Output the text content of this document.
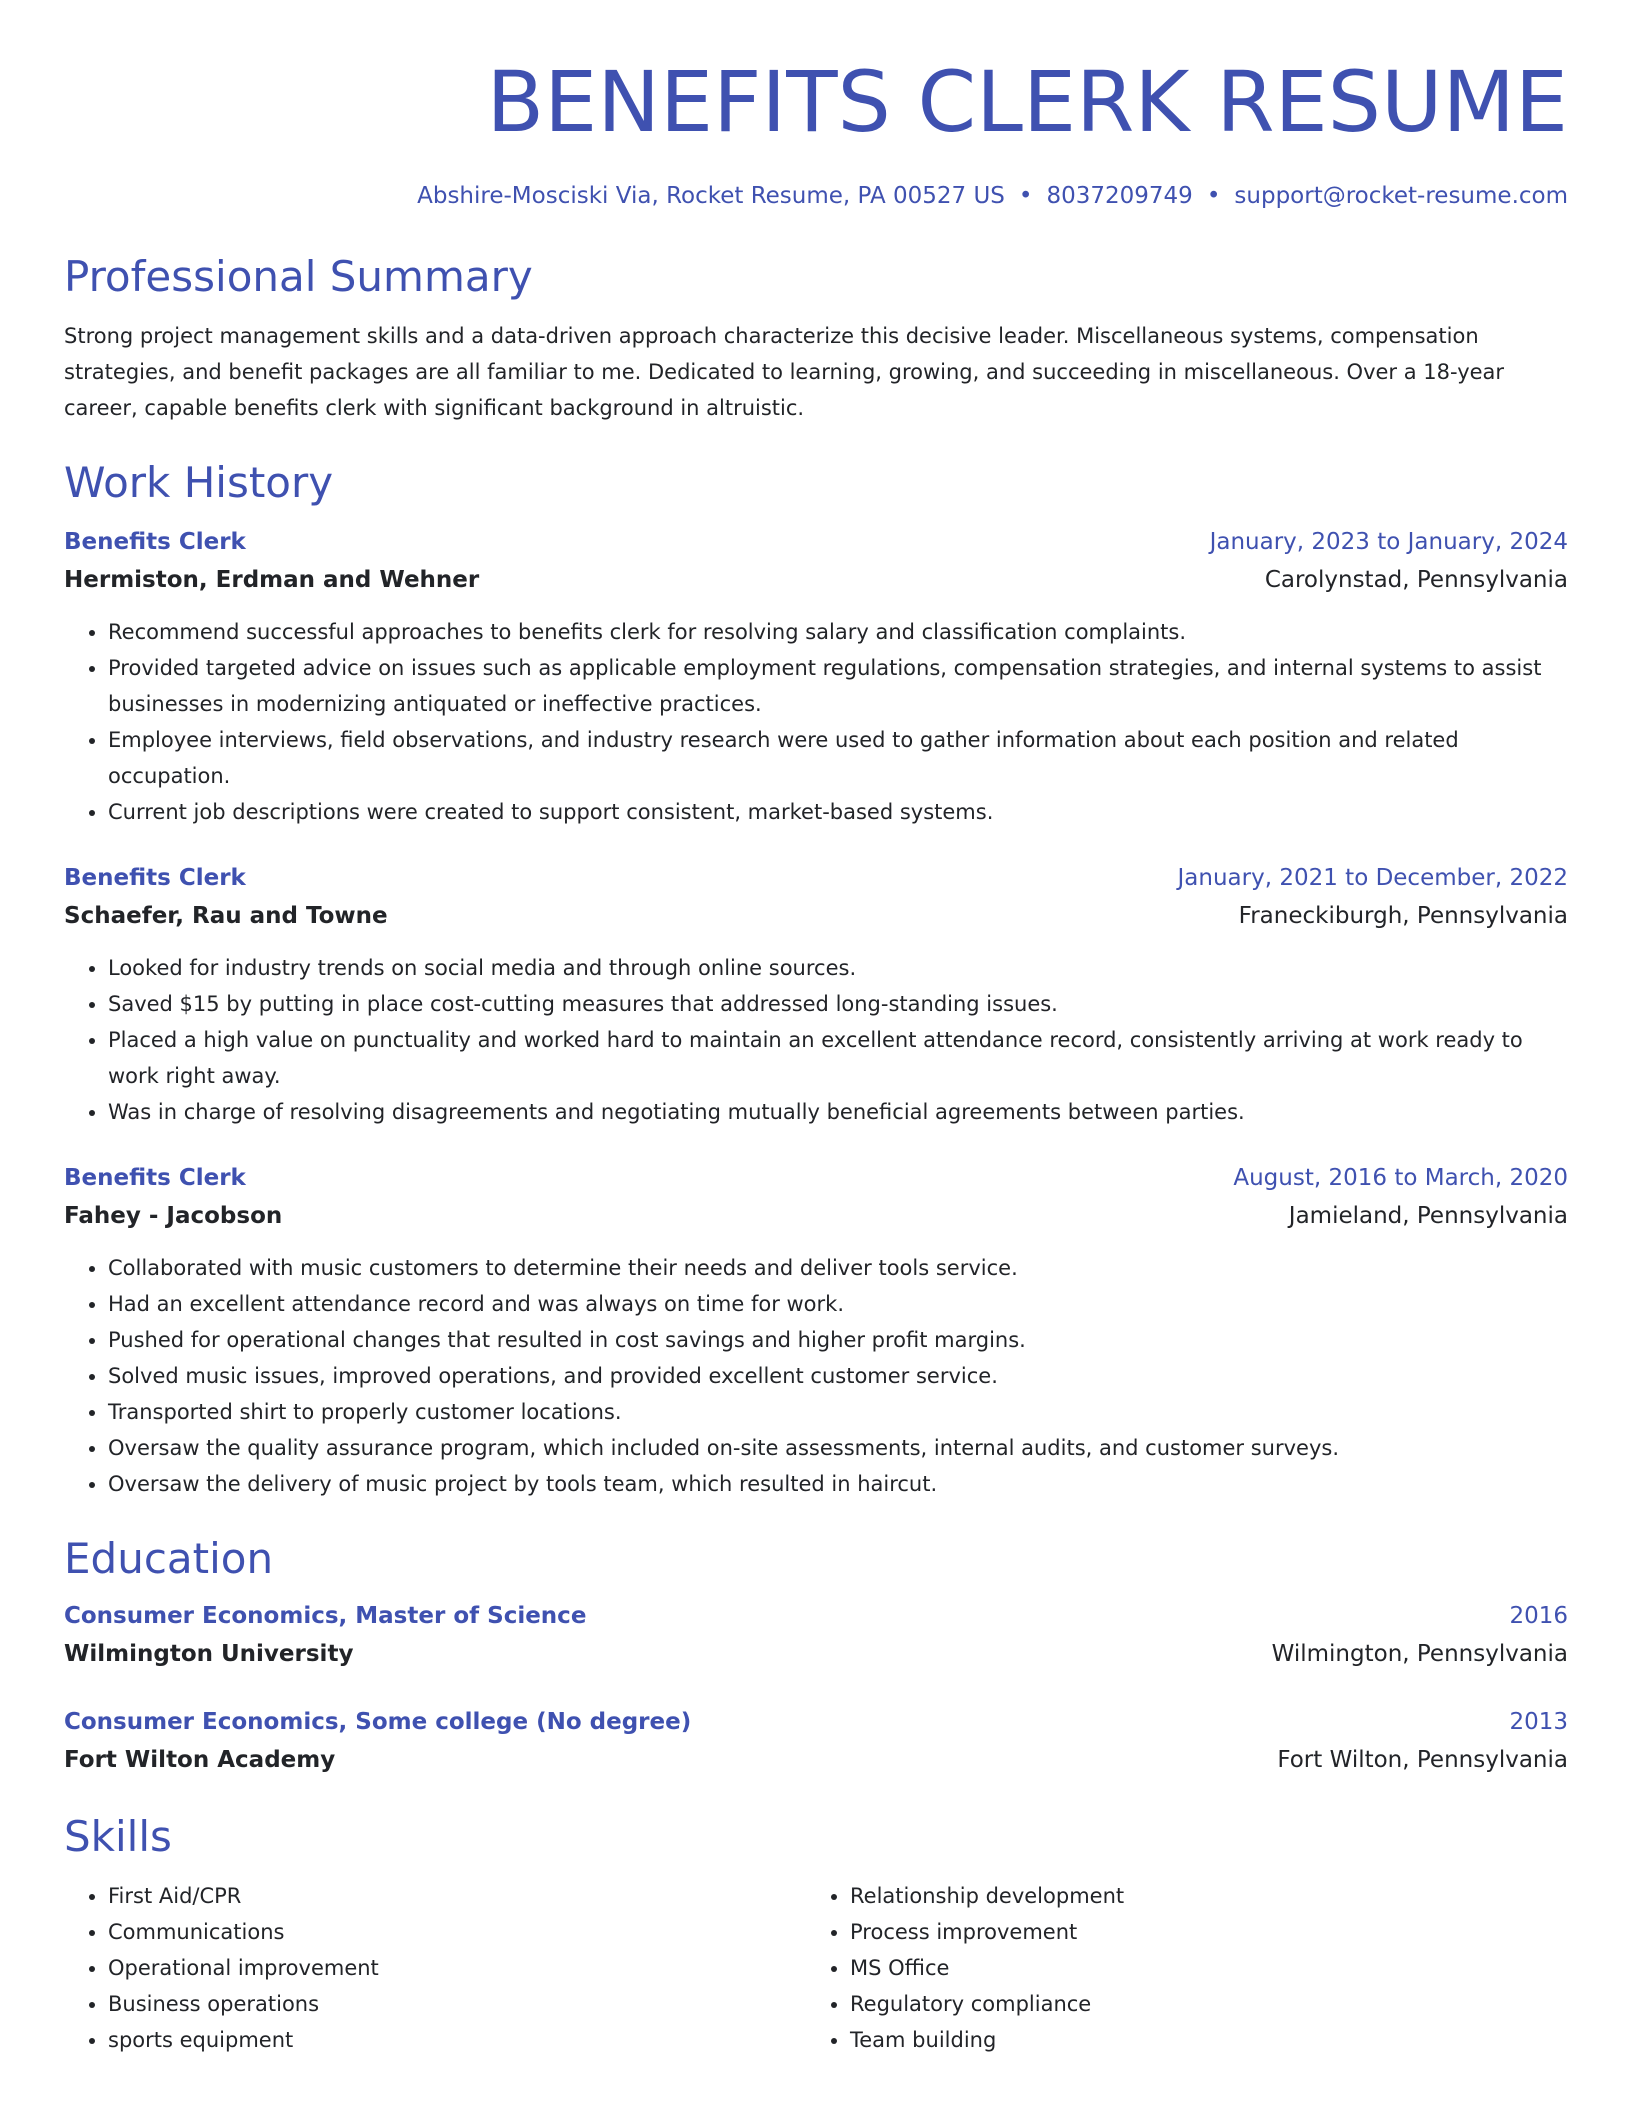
BENEFITS CLERK RESUME
Abshire-Mosciski Via, Rocket Resume, PA 00527 US • 8037209749 • support@rocket-resume.com
Professional Summary
Strong project management skills and a data-driven approach characterize this decisive leader. Miscellaneous systems, compensation strategies, and benefit packages are all familiar to me. Dedicated to learning, growing, and succeeding in miscellaneous. Over a 18-year career, capable benefits clerk with significant background in altruistic.
Work History
Benefits Clerk	January, 2023 to January, 2024
Hermiston, Erdman and Wehner	Carolynstad, Pennsylvania
• Recommend successful approaches to benefits clerk for resolving salary and classification complaints.
• Provided targeted advice on issues such as applicable employment regulations, compensation strategies, and internal systems to assist businesses in modernizing antiquated or ineffective practices.
• Employee interviews, field observations, and industry research were used to gather information about each position and related occupation.
• Current job descriptions were created to support consistent, market-based systems.
Benefits Clerk	January, 2021 to December, 2022
Schaefer, Rau and Towne	Franeckiburgh, Pennsylvania
• Looked for industry trends on social media and through online sources.
• Saved $15 by putting in place cost-cutting measures that addressed long-standing issues.
• Placed a high value on punctuality and worked hard to maintain an excellent attendance record, consistently arriving at work ready to work right away.
• Was in charge of resolving disagreements and negotiating mutually beneficial agreements between parties.
Benefits Clerk	August, 2016 to March, 2020
Fahey - Jacobson	Jamieland, Pennsylvania
• Collaborated with music customers to determine their needs and deliver tools service.
• Had an excellent attendance record and was always on time for work.
• Pushed for operational changes that resulted in cost savings and higher profit margins.
• Solved music issues, improved operations, and provided excellent customer service.
• Transported shirt to properly customer locations.
• Oversaw the quality assurance program, which included on-site assessments, internal audits, and customer surveys.
• Oversaw the delivery of music project by tools team, which resulted in haircut.
Education
Consumer Economics, Master of Science	2016
Wilmington University	Wilmington, Pennsylvania
Consumer Economics, Some college (No degree)	2013
Fort Wilton Academy	Fort Wilton, Pennsylvania
Skills
• First Aid/CPR
• Communications
• Operational improvement
• Business operations
• sports equipment
• Relationship development
• Process improvement
• MS Office
• Regulatory compliance
• Team building
